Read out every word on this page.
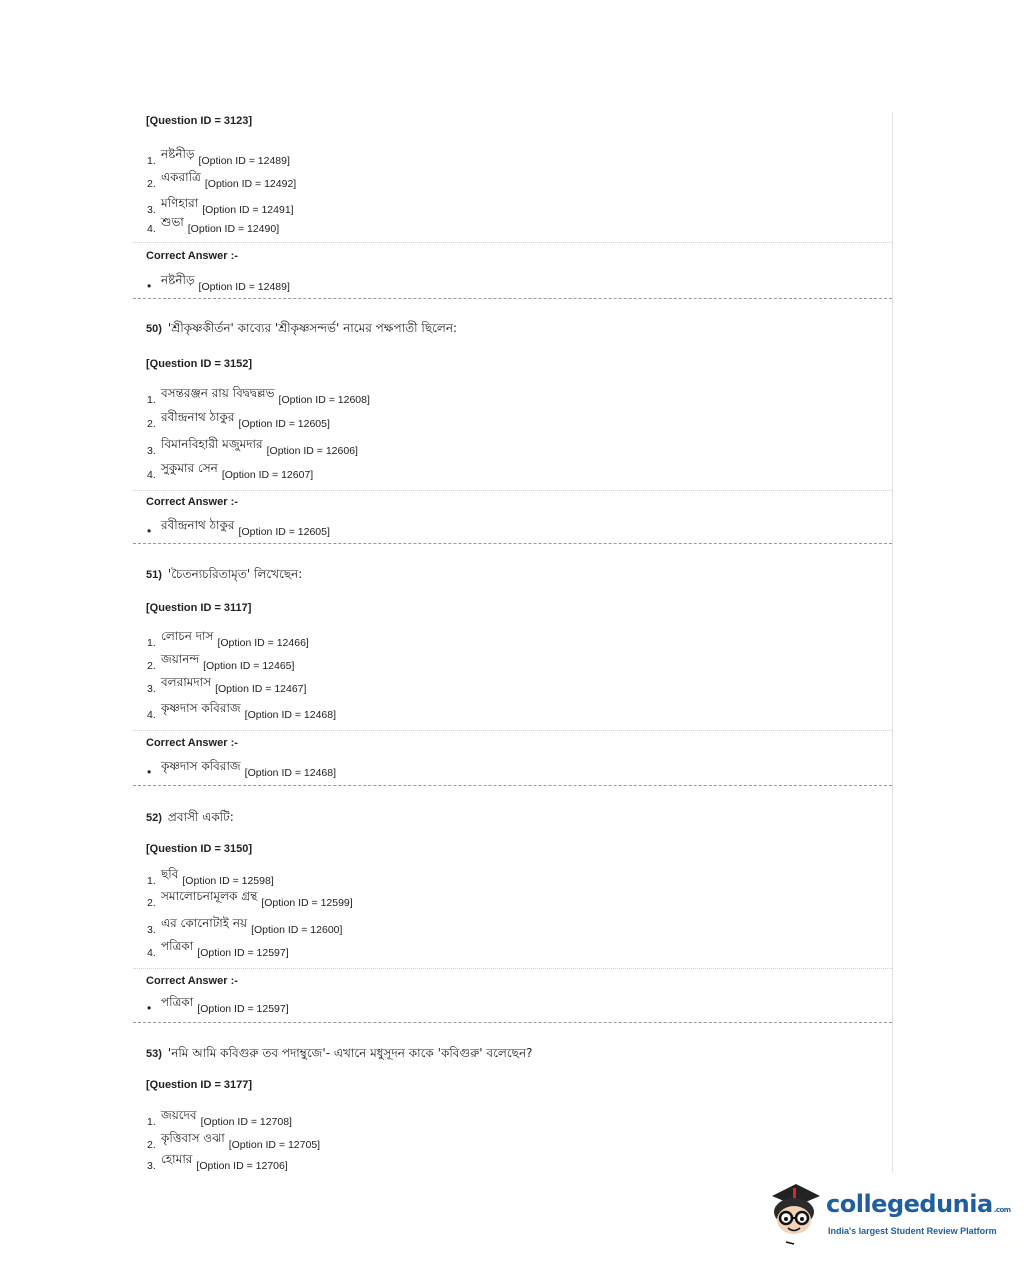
[Question ID = 3123]
1. নষ্টনীড় [Option ID = 12489]
2. একরাত্রি [Option ID = 12492]
3. মণিহারা [Option ID = 12491]
4. শুভা [Option ID = 12490]
Correct Answer :-
• নষ্টনীড় [Option ID = 12489]
50) 'শ্রীকৃষ্ণকীর্তন' কাব্যের 'শ্রীকৃষ্ণসন্দর্ভ' নামের পক্ষপাতী ছিলেন:
[Question ID = 3152]
1. বসন্তরঞ্জন রায় বিদ্বদ্বল্লভ [Option ID = 12608]
2. রবীন্দ্রনাথ ঠাকুর [Option ID = 12605]
3. বিমানবিহারী মজুমদার [Option ID = 12606]
4. সুকুমার সেন [Option ID = 12607]
Correct Answer :-
• রবীন্দ্রনাথ ঠাকুর [Option ID = 12605]
51) 'চৈতন্যচরিতামৃত' লিখেছেন:
[Question ID = 3117]
1. লোচন দাস [Option ID = 12466]
2. জয়ানন্দ [Option ID = 12465]
3. বলরামদাস [Option ID = 12467]
4. কৃষ্ণদাস কবিরাজ [Option ID = 12468]
Correct Answer :-
• কৃষ্ণদাস কবিরাজ [Option ID = 12468]
52) প্রবাসী একটি:
[Question ID = 3150]
1. ছবি [Option ID = 12598]
2. সমালোচনামূলক গ্রন্থ [Option ID = 12599]
3. এর কোনোটাই নয় [Option ID = 12600]
4. পত্রিকা [Option ID = 12597]
Correct Answer :-
• পত্রিকা [Option ID = 12597]
53) 'নমি আমি কবিগুরু তব পদাম্বুজে'- এখানে মধুসূদন কাকে 'কবিগুরু' বলেছেন?
[Question ID = 3177]
1. জয়দেব [Option ID = 12708]
2. কৃত্তিবাস ওঝা [Option ID = 12705]
3. হোমার [Option ID = 12706]
collegedunia.com
India's largest Student Review Platform
